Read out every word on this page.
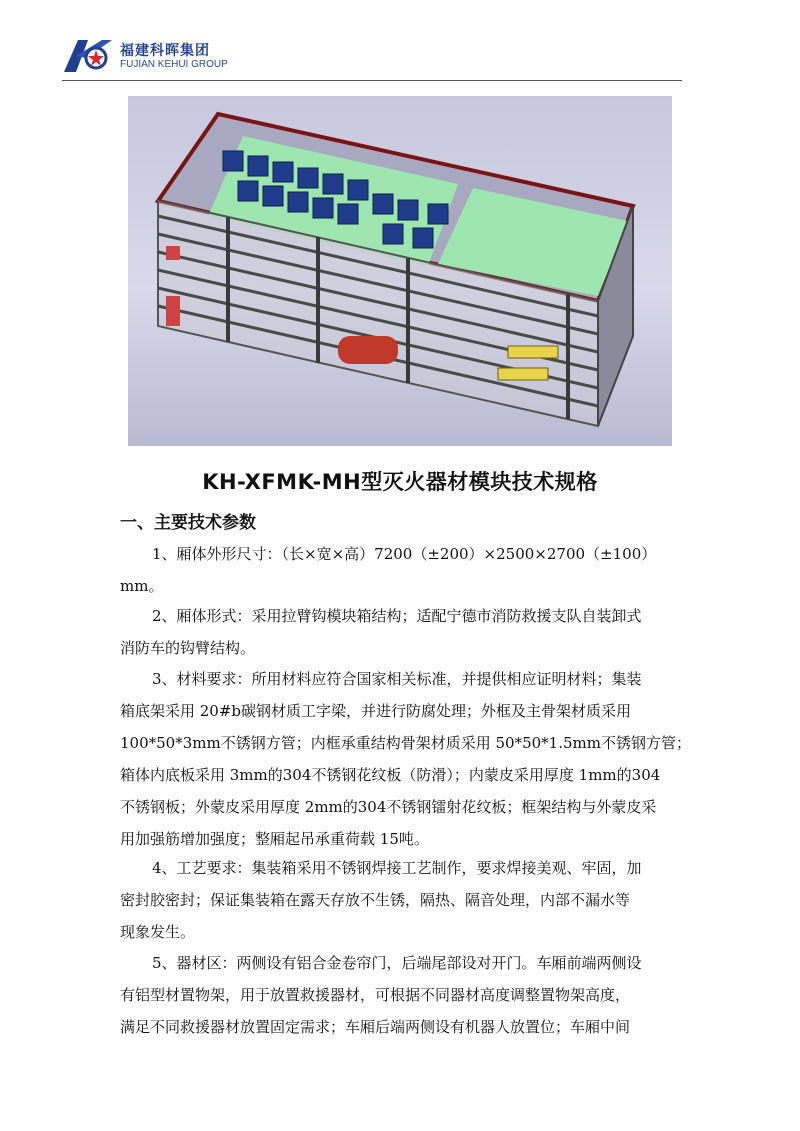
福建科晖集团
FUJIAN KEHUI GROUP
KH-XFMK-MH型灭火器材模块技术规格
一、主要技术参数

1、厢体外形尺寸：（长×宽×高）7200（±200）×2500×2700（±100）
mm。

2、厢体形式：采用拉臂钩模块箱结构；适配宁德市消防救援支队自装卸式
消防车的钩臂结构。

3、材料要求：所用材料应符合国家相关标准，并提供相应证明材料；集装
箱底架采用 20#b碳钢材质工字梁，并进行防腐处理；外框及主骨架材质采用
100*50*3mm不锈钢方管；内框承重结构骨架材质采用 50*50*1.5mm不锈钢方管；
箱体内底板采用 3mm的304不锈钢花纹板（防滑）；内蒙皮采用厚度 1mm的304
不锈钢板；外蒙皮采用厚度 2mm的304不锈钢镭射花纹板；框架结构与外蒙皮采
用加强筋增加强度；整厢起吊承重荷载 15吨。

4、工艺要求：集装箱采用不锈钢焊接工艺制作，要求焊接美观、牢固，加
密封胶密封；保证集装箱在露天存放不生锈，隔热、隔音处理，内部不漏水等
现象发生。

5、器材区：两侧设有铝合金卷帘门，后端尾部设对开门。车厢前端两侧设
有铝型材置物架，用于放置救援器材，可根据不同器材高度调整置物架高度，
满足不同救援器材放置固定需求；车厢后端两侧设有机器人放置位；车厢中间
